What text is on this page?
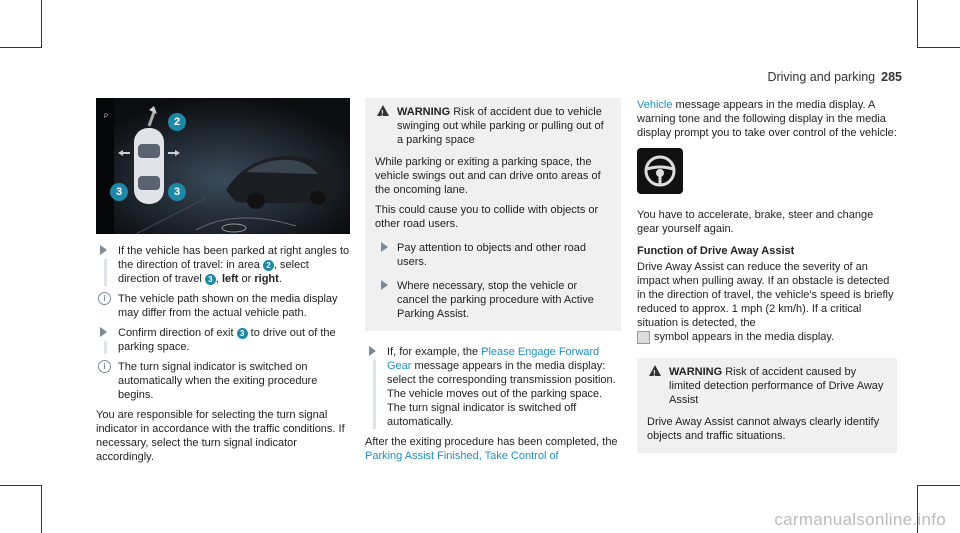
Driving and parking 285
P	2
3	3
If the vehicle has been parked at right angles to the direction of travel: in area 2 , select direction of travel 3 , left or right.
i	The vehicle path shown on the media display may differ from the actual vehicle path.
Confirm direction of exit 3 to drive out of the parking space.
i	The turn signal indicator is switched on automatically when the exiting procedure begins.

You are responsible for selecting the turn signal indicator in accordance with the traffic conditions. If necessary, select the turn signal indicator accordingly.

!
WARNING Risk of accident due to vehicle swinging out while parking or pulling out of a parking space

While parking or exiting a parking space, the vehicle swings out and can drive onto areas of the oncoming lane.

This could cause you to collide with objects or other road users.

Pay attention to objects and other road users.
Where necessary, stop the vehicle or cancel the parking procedure with Active Parking Assist.
If, for example, the Please Engage Forward Gear message appears in the media display: select the corresponding transmission position.
The vehicle moves out of the parking space.
The turn signal indicator is switched off automatically.

After the exiting procedure has been completed, the Parking Assist Finished, Take Control of

Vehicle message appears in the media display. A warning tone and the following display in the media display prompt you to take over control of the vehicle:

You have to accelerate, brake, steer and change gear yourself again.

Function of Drive Away Assist

Drive Away Assist can reduce the severity of an impact when pulling away. If an obstacle is detected in the direction of travel, the vehicle's speed is briefly reduced to approx. 1 mph (2 km/h). If a critical situation is detected, the
symbol appears in the media display.

!
WARNING Risk of accident caused by limited detection performance of Drive Away Assist

Drive Away Assist cannot always clearly identify objects and traffic situations.

carmanualsonline.info
